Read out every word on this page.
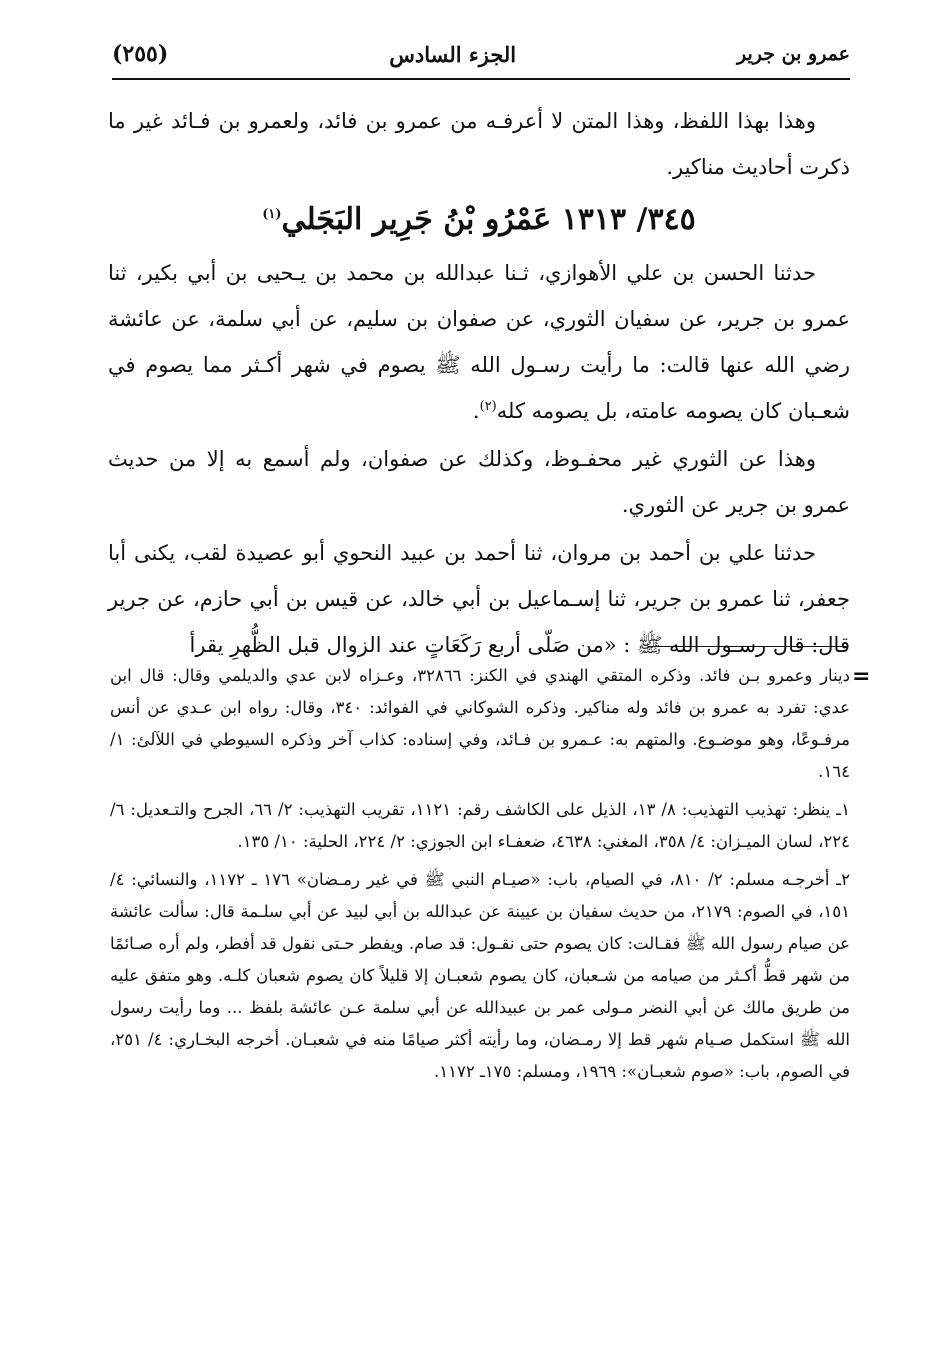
عمرو بن جرير
الجزء السادس
(٢٥٥)

وهذا بهذا اللفظ، وهذا المتن لا أعرفـه من عمرو بن فائد، ولعمرو بن فـائد غير ما ذكرت أحاديث مناكير.

٣٤٥/ ١٣١٣ عَمْرُو بْنُ جَرِير البَجَلي$^{(١)}$

حدثنا الحسن بن علي الأهوازي، ثـنا عبدالله بن محمد بن يـحيى بن أبي بكير، ثنا عمرو بن جرير، عن سفيان الثوري، عن صفوان بن سليم، عن أبي سلمة، عن عائشة رضي الله عنها قالت: ما رأيت رسـول الله ﷺ يصوم في شهر أكـثر مما يصوم في شعـبان كان يصومه عامته، بل يصومه كله$^{(٢)}$.

وهذا عن الثوري غير محفـوظ، وكذلك عن صفوان، ولم أسمع به إلا من حديث عمرو بن جرير عن الثوري.

حدثنا علي بن أحمد بن مروان، ثنا أحمد بن عبيد النحوي أبو عصيدة لقب، يكنى أبا جعفر، ثنا عمرو بن جرير، ثنا إسـماعيل بن أبي خالد، عن قيس بن أبي حازم، عن جرير قال: قال رسـول الله ﷺ : «من صَلّى أربع رَكَعَاتٍ عند الزوال قبل الظُّهرِ يقرأ

=
دينار وعمرو بـن فائد. وذكره المتقي الهندي في الكنز: ٣٢٨٦٦، وعـزاه لابن عدي والديلمي وقال: قال ابن عدي: تفرد به عمرو بن فائد وله مناكير. وذكره الشوكاني في الفوائد: ٣٤٠، وقال: رواه ابن عـدي عن أنس مرفـوعًا، وهو موضـوع. والمتهم به: عـمرو بن فـائد، وفي إسناده: كذاب آخر وذكره السيوطي في اللآلئ: ١/ ١٦٤.
١ـ ينظر: تهذيب التهذيب: ٨/ ١٣، الذيل على الكاشف رقم: ١١٢١، تقريب التهذيب: ٢/ ٦٦، الجرح والتـعديل: ٦/ ٢٢٤، لسان الميـزان: ٤/ ٣٥٨، المغني: ٤٦٣٨، ضعفـاء ابن الجوزي: ٢/ ٢٢٤، الحلية: ١٠/ ١٣٥.
٢ـ أخرجـه مسلم: ٢/ ٨١٠، في الصيام، باب: «صيـام النبي ﷺ في غير رمـضان» ١٧٦ ـ ١١٧٢، والنسائي: ٤/ ١٥١، في الصوم: ٢١٧٩، من حديث سفيان بن عيينة عن عبدالله بن أبي لبيد عن أبي سلـمة قال: سألت عائشة عن صيام رسول الله ﷺ فقـالت: كان يصوم حتى نقـول: قد صام. ويفطر حـتى نقول قد أفطر، ولم أره صـائمًا من شهر قطُّ أكـثر من صيامه من شـعبان، كان يصوم شعبـان إلا قليلاً كان يصوم شعبان كلـه. وهو متفق عليه من طريق مالك عن أبي النضر مـولى عمر بن عبيدالله عن أبي سلمة عـن عائشة بلفظ ... وما رأيت رسول الله ﷺ استكمل صـيام شهر قط إلا رمـضان، وما رأيته أكثر صيامًا منه في شعبـان. أخرجه البخـاري: ٤/ ٢٥١، في الصوم، باب: «صوم شعبـان»: ١٩٦٩، ومسلم: ١٧٥ـ ١١٧٢.
